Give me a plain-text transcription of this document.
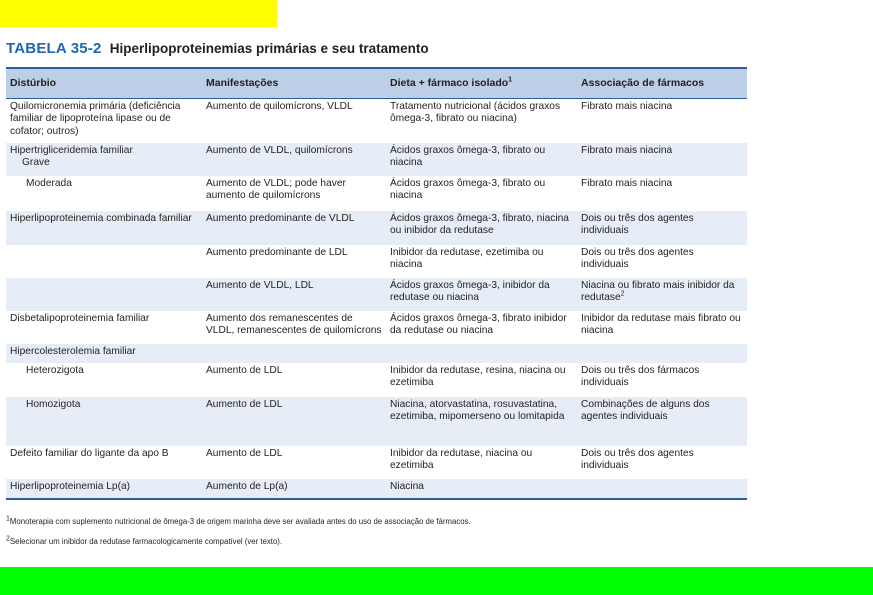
TABELA 35-2 Hiperlipoproteinemias primárias e seu tratamento
Distúrbio	Manifestações	Dieta + fármaco isolado$^1$	Associação de fármacos
Quilomicronemia primária (deficiência familiar de lipoproteína lipase ou de cofator; outros)	Aumento de quilomícrons, VLDL	Tratamento nutricional (ácidos graxos ômega-3, fibrato ou niacina)	Fibrato mais niacina

Hipertrigliceridemia familiar
Grave	Aumento de VLDL, quilomícrons	Ácidos graxos ômega-3, fibrato ou niacina	Fibrato mais niacina
Moderada	Aumento de VLDL; pode haver aumento de quilomícrons	Ácidos graxos ômega-3, fibrato ou niacina	Fibrato mais niacina
Hiperlipoproteinemia combinada familiar	Aumento predominante de VLDL	Ácidos graxos ômega-3, fibrato, niacina ou inibidor da redutase	Dois ou três dos agentes individuais
	Aumento predominante de LDL	Inibidor da redutase, ezetimiba ou niacina	Dois ou três dos agentes individuais
	Aumento de VLDL, LDL	Ácidos graxos ômega-3, inibidor da redutase ou niacina	Niacina ou fibrato mais inibidor da redutase$^2$
Disbetalipoproteinemia familiar	Aumento dos remanescentes de VLDL, remanescentes de quilomícrons	Ácidos graxos ômega-3, fibrato inibidor da redutase ou niacina	Inibidor da redutase mais fibrato ou niacina
Hipercolesterolemia familiar			
Heterozigota	Aumento de LDL	Inibidor da redutase, resina, niacina ou ezetimiba	Dois ou três dos fármacos individuais
Homozigota	Aumento de LDL	Niacina, atorvastatina, rosuvastatina, ezetimiba, mipomerseno ou lomitapida	Combinações de alguns dos agentes individuais
Defeito familiar do ligante da apo B	Aumento de LDL	Inibidor da redutase, niacina ou ezetimiba	Dois ou três dos agentes individuais
Hiperlipoproteinemia Lp(a)	Aumento de Lp(a)	Niacina	
$^1$Monoterapia com suplemento nutricional de ômega-3 de origem marinha deve ser avaliada antes do uso de associação de fármacos.
$^2$Selecionar um inibidor da redutase farmacologicamente compatível (ver texto).
